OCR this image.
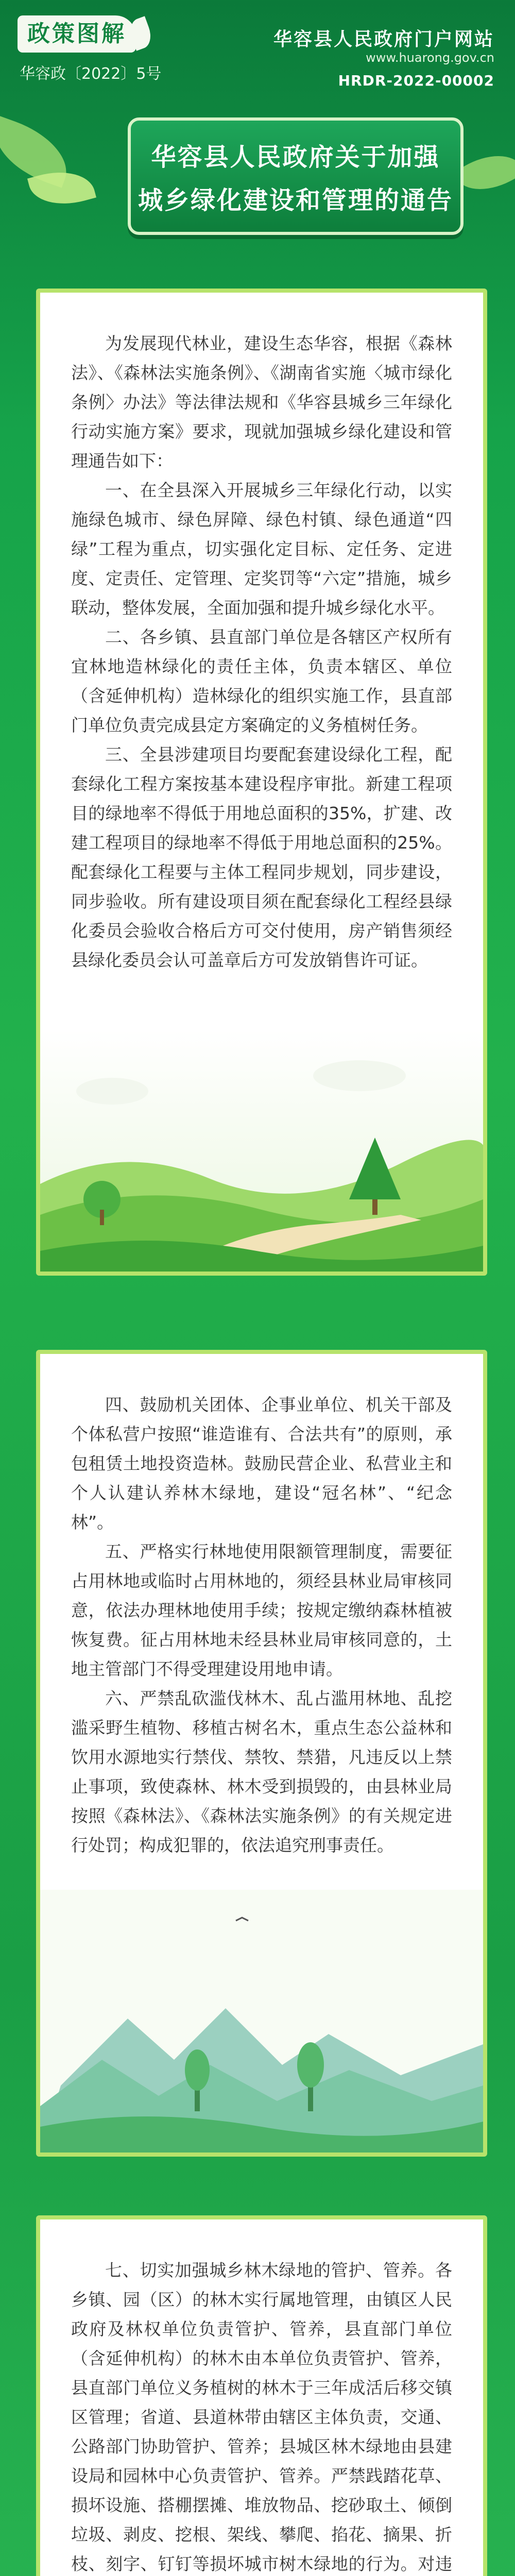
政策图解
华容政〔2022〕5号
华容县人民政府门户网站
www.huarong.gov.cn
HRDR-2022-00002
华容县人民政府关于加强
城乡绿化建设和管理的通告

为发展现代林业，建设生态华容，根据《森林法》、《森林法实施条例》、《湖南省实施〈城市绿化条例〉办法》等法律法规和《华容县城乡三年绿化行动实施方案》要求，现就加强城乡绿化建设和管理通告如下：

一、在全县深入开展城乡三年绿化行动，以实施绿色城市、绿色屏障、绿色村镇、绿色通道“四绿”工程为重点，切实强化定目标、定任务、定进度、定责任、定管理、定奖罚等“六定”措施，城乡联动，整体发展，全面加强和提升城乡绿化水平。

二、各乡镇、县直部门单位是各辖区产权所有宜林地造林绿化的责任主体，负责本辖区、单位（含延伸机构）造林绿化的组织实施工作，县直部门单位负责完成县定方案确定的义务植树任务。

三、全县涉建项目均要配套建设绿化工程，配套绿化工程方案按基本建设程序审批。新建工程项目的绿地率不得低于用地总面积的35%，扩建、改建工程项目的绿地率不得低于用地总面积的25%。配套绿化工程要与主体工程同步规划，同步建设，同步验收。所有建设项目须在配套绿化工程经县绿化委员会验收合格后方可交付使用，房产销售须经县绿化委员会认可盖章后方可发放销售许可证。

四、鼓励机关团体、企事业单位、机关干部及个体私营户按照“谁造谁有、合法共有”的原则，承包租赁土地投资造林。鼓励民营企业、私营业主和个人认建认养林木绿地，建设“冠名林”、“纪念林”。

五、严格实行林地使用限额管理制度，需要征占用林地或临时占用林地的，须经县林业局审核同意，依法办理林地使用手续；按规定缴纳森林植被恢复费。征占用林地未经县林业局审核同意的，土地主管部门不得受理建设用地申请。

六、严禁乱砍滥伐林木、乱占滥用林地、乱挖滥采野生植物、移植古树名木，重点生态公益林和饮用水源地实行禁伐、禁牧、禁猎，凡违反以上禁止事项，致使森林、林木受到损毁的，由县林业局按照《森林法》、《森林法实施条例》的有关规定进行处罚；构成犯罪的，依法追究刑事责任。

七、切实加强城乡林木绿地的管护、管养。各乡镇、园（区）的林木实行属地管理，由镇区人民政府及林权单位负责管护、管养，县直部门单位（含延伸机构）的林木由本单位负责管护、管养，县直部门单位义务植树的林木于三年成活后移交镇区管理；省道、县道林带由辖区主体负责，交通、公路部门协助管护、管养；县城区林木绿地由县建设局和园林中心负责管护、管养。严禁践踏花草、损坏设施、搭棚摆摊、堆放物品、挖砂取土、倾倒垃圾、剥皮、挖根、架线、攀爬、掐花、摘果、折枝、刻字、钉钉等损坏城市树木绿地的行为。对违
